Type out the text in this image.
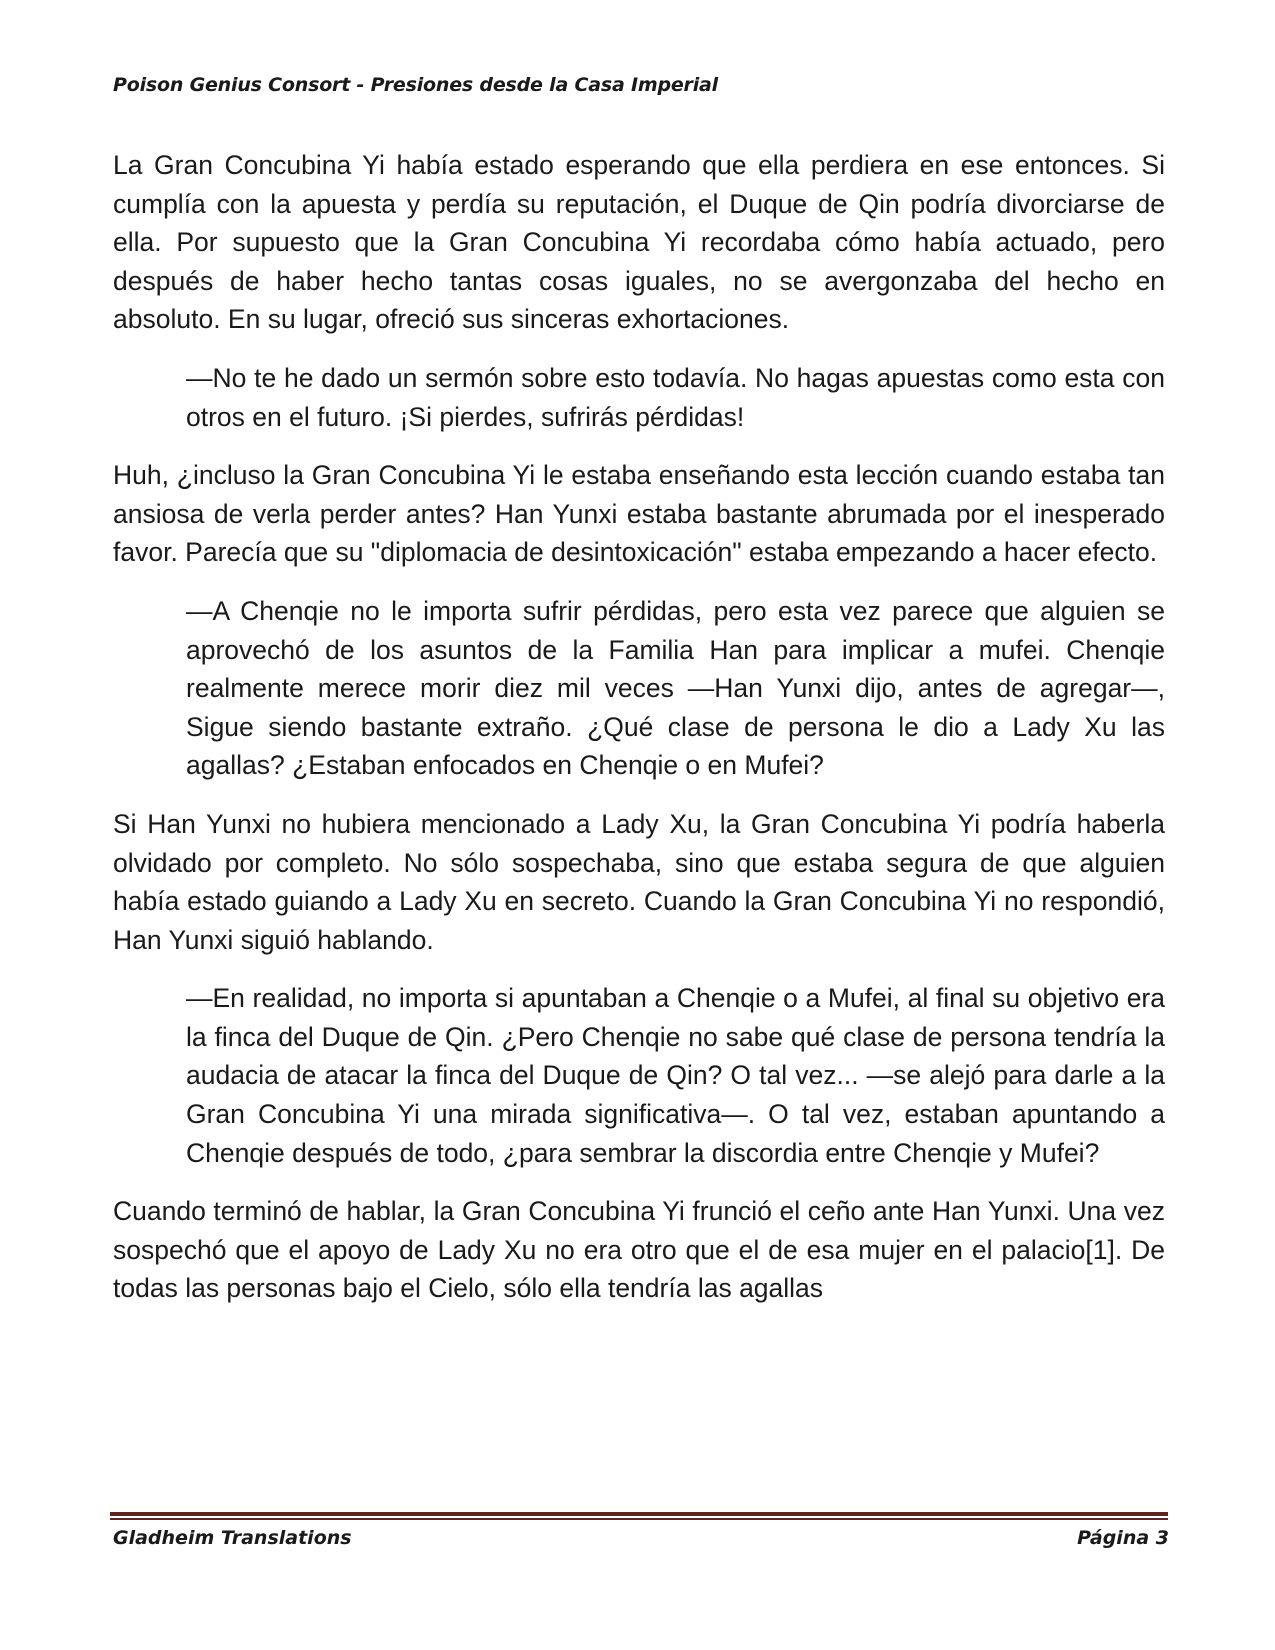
Poison Genius Consort - Presiones desde la Casa Imperial

La Gran Concubina Yi había estado esperando que ella perdiera en ese entonces. Si cumplía con la apuesta y perdía su reputación, el Duque de Qin podría divorciarse de ella. Por supuesto que la Gran Concubina Yi recordaba cómo había actuado, pero después de haber hecho tantas cosas iguales, no se avergonzaba del hecho en absoluto. En su lugar, ofreció sus sinceras exhortaciones.

—No te he dado un sermón sobre esto todavía. No hagas apuestas como esta con otros en el futuro. ¡Si pierdes, sufrirás pérdidas!

Huh, ¿incluso la Gran Concubina Yi le estaba enseñando esta lección cuando estaba tan ansiosa de verla perder antes? Han Yunxi estaba bastante abrumada por el inesperado favor. Parecía que su "diplomacia de desintoxicación" estaba empezando a hacer efecto.

—A Chenqie no le importa sufrir pérdidas, pero esta vez parece que alguien se aprovechó de los asuntos de la Familia Han para implicar a mufei. Chenqie realmente merece morir diez mil veces —Han Yunxi dijo, antes de agregar—, Sigue siendo bastante extraño. ¿Qué clase de persona le dio a Lady Xu las agallas? ¿Estaban enfocados en Chenqie o en Mufei?

Si Han Yunxi no hubiera mencionado a Lady Xu, la Gran Concubina Yi podría haberla olvidado por completo. No sólo sospechaba, sino que estaba segura de que alguien había estado guiando a Lady Xu en secreto. Cuando la Gran Concubina Yi no respondió, Han Yunxi siguió hablando.

—En realidad, no importa si apuntaban a Chenqie o a Mufei, al final su objetivo era la finca del Duque de Qin. ¿Pero Chenqie no sabe qué clase de persona tendría la audacia de atacar la finca del Duque de Qin? O tal vez... —se alejó para darle a la Gran Concubina Yi una mirada significativa—. O tal vez, estaban apuntando a Chenqie después de todo, ¿para sembrar la discordia entre Chenqie y Mufei?

Cuando terminó de hablar, la Gran Concubina Yi frunció el ceño ante Han Yunxi. Una vez sospechó que el apoyo de Lady Xu no era otro que el de esa mujer en el palacio[1]. De todas las personas bajo el Cielo, sólo ella tendría las agallas

Gladheim Translations	Página 3
